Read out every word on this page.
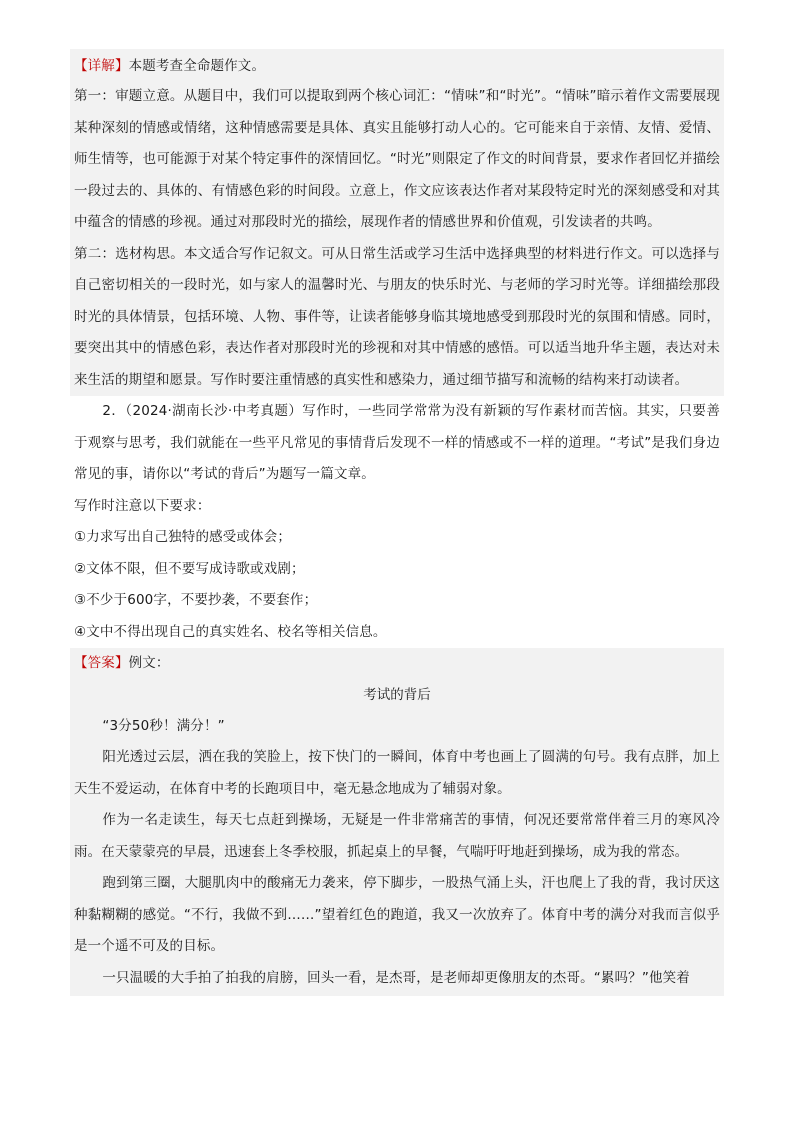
【详解】本题考查全命题作文。

第一：审题立意。从题目中，我们可以提取到两个核心词汇：“情味”和“时光”。“情味”暗示着作文需要展现某种深刻的情感或情绪，这种情感需要是具体、真实且能够打动人心的。它可能来自于亲情、友情、爱情、师生情等，也可能源于对某个特定事件的深情回忆。“时光”则限定了作文的时间背景，要求作者回忆并描绘一段过去的、具体的、有情感色彩的时间段。立意上，作文应该表达作者对某段特定时光的深刻感受和对其中蕴含的情感的珍视。通过对那段时光的描绘，展现作者的情感世界和价值观，引发读者的共鸣。

第二：选材构思。本文适合写作记叙文。可从日常生活或学习生活中选择典型的材料进行作文。可以选择与自己密切相关的一段时光，如与家人的温馨时光、与朋友的快乐时光、与老师的学习时光等。详细描绘那段时光的具体情景，包括环境、人物、事件等，让读者能够身临其境地感受到那段时光的氛围和情感。同时，要突出其中的情感色彩，表达作者对那段时光的珍视和对其中情感的感悟。可以适当地升华主题，表达对未来生活的期望和愿景。写作时要注重情感的真实性和感染力，通过细节描写和流畅的结构来打动读者。

2．（2024·湖南长沙·中考真题）写作时，一些同学常常为没有新颖的写作素材而苦恼。其实，只要善于观察与思考，我们就能在一些平凡常见的事情背后发现不一样的情感或不一样的道理。“考试”是我们身边常见的事，请你以“考试的背后”为题写一篇文章。

写作时注意以下要求：

①力求写出自己独特的感受或体会；

②文体不限，但不要写成诗歌或戏剧；

③不少于600字，不要抄袭，不要套作；

④文中不得出现自己的真实姓名、校名等相关信息。

【答案】例文：

考试的背后

“3分50秒！满分！”

阳光透过云层，洒在我的笑脸上，按下快门的一瞬间，体育中考也画上了圆满的句号。我有点胖，加上天生不爱运动，在体育中考的长跑项目中，毫无悬念地成为了辅弱对象。

作为一名走读生，每天七点赶到操场，无疑是一件非常痛苦的事情，何况还要常常伴着三月的寒风冷雨。在天蒙蒙亮的早晨，迅速套上冬季校服，抓起桌上的早餐，气喘吁吁地赶到操场，成为我的常态。

跑到第三圈，大腿肌肉中的酸痛无力袭来，停下脚步，一股热气涌上头，汗也爬上了我的背，我讨厌这种黏糊糊的感觉。“不行，我做不到……”望着红色的跑道，我又一次放弃了。体育中考的满分对我而言似乎是一个遥不可及的目标。

一只温暖的大手拍了拍我的肩膀，回头一看，是杰哥，是老师却更像朋友的杰哥。“累吗？”他笑着
